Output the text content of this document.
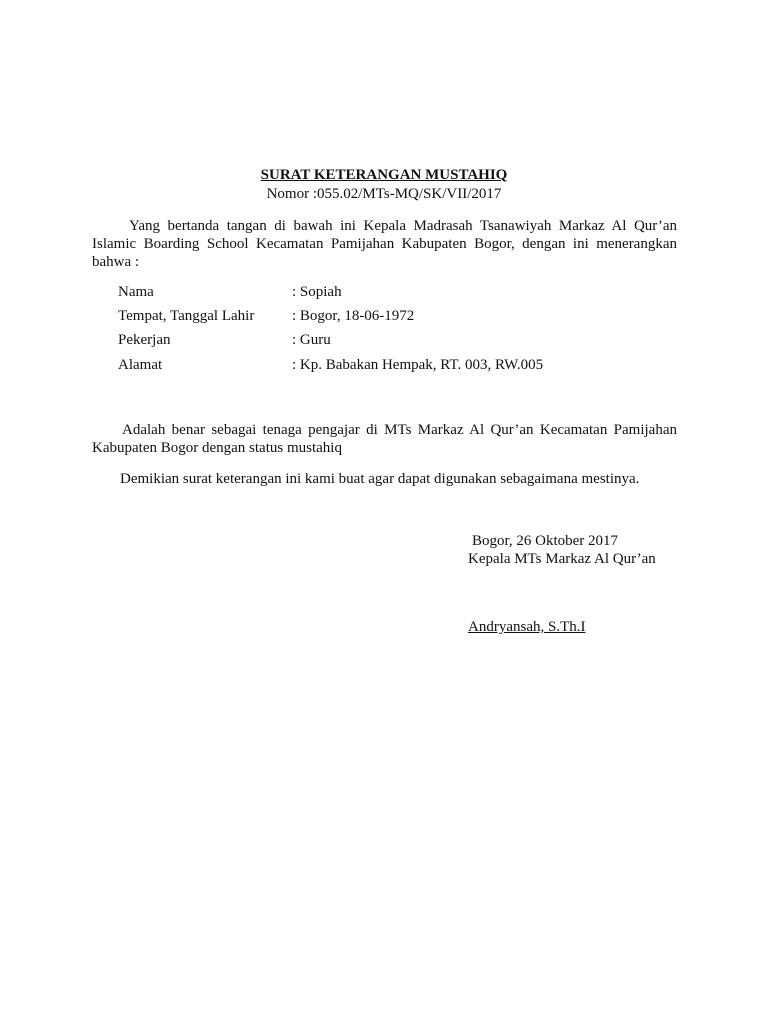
SURAT KETERANGAN MUSTAHIQ
Nomor :055.02/MTs-MQ/SK/VII/2017

Yang bertanda tangan di bawah ini Kepala Madrasah Tsanawiyah Markaz Al Qur’an Islamic Boarding School Kecamatan Pamijahan Kabupaten Bogor, dengan ini menerangkan bahwa :

Nama	: Sopiah
Tempat, Tanggal Lahir	: Bogor, 18-06-1972
Pekerjan	: Guru
Alamat	: Kp. Babakan Hempak, RT. 003, RW.005

Adalah benar sebagai tenaga pengajar di MTs Markaz Al Qur’an Kecamatan Pamijahan Kabupaten Bogor dengan status mustahiq

Demikian surat keterangan ini kami buat agar dapat digunakan sebagaimana mestinya.

Bogor, 26 Oktober 2017
Kepala MTs Markaz Al Qur’an
Andryansah, S.Th.I
